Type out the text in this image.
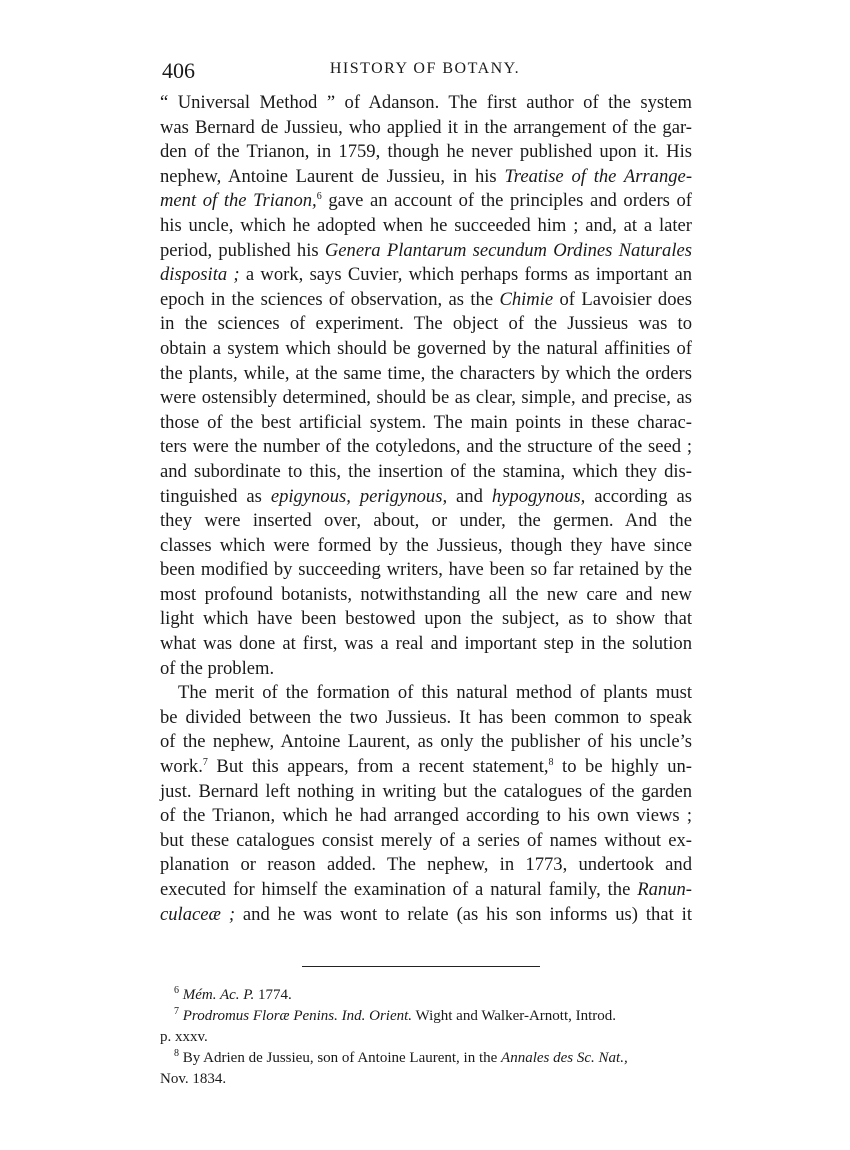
406	HISTORY OF BOTANY.
“ Universal Method ” of Adanson. The first author of the system
was Bernard de Jussieu, who applied it in the arrangement of the gar-
den of the Trianon, in 1759, though he never published upon it. His
nephew, Antoine Laurent de Jussieu, in his Treatise of the Arrange-
ment of the Trianon,$^6$ gave an account of the principles and orders of
his uncle, which he adopted when he succeeded him ; and, at a later
period, published his Genera Plantarum secundum Ordines Naturales
disposita ; a work, says Cuvier, which perhaps forms as important an
epoch in the sciences of observation, as the Chimie of Lavoisier does
in the sciences of experiment. The object of the Jussieus was to
obtain a system which should be governed by the natural affinities of
the plants, while, at the same time, the characters by which the orders
were ostensibly determined, should be as clear, simple, and precise, as
those of the best artificial system. The main points in these charac-
ters were the number of the cotyledons, and the structure of the seed ;
and subordinate to this, the insertion of the stamina, which they dis-
tinguished as epigynous, perigynous, and hypogynous, according as
they were inserted over, about, or under, the germen. And the
classes which were formed by the Jussieus, though they have since
been modified by succeeding writers, have been so far retained by the
most profound botanists, notwithstanding all the new care and new
light which have been bestowed upon the subject, as to show that
what was done at first, was a real and important step in the solution
of the problem.
The merit of the formation of this natural method of plants must
be divided between the two Jussieus. It has been common to speak
of the nephew, Antoine Laurent, as only the publisher of his uncle’s
work.$^7$ But this appears, from a recent statement,$^8$ to be highly un-
just. Bernard left nothing in writing but the catalogues of the garden
of the Trianon, which he had arranged according to his own views ;
but these catalogues consist merely of a series of names without ex-
planation or reason added. The nephew, in 1773, undertook and
executed for himself the examination of a natural family, the Ranun-
culaceæ ; and he was wont to relate (as his son informs us) that it
$^6$ Mém. Ac. P. 1774.
$^7$ Prodromus Floræ Penins. Ind. Orient. Wight and Walker-Arnott, Introd.
p. xxxv.
$^8$ By Adrien de Jussieu, son of Antoine Laurent, in the Annales des Sc. Nat.,
Nov. 1834.
